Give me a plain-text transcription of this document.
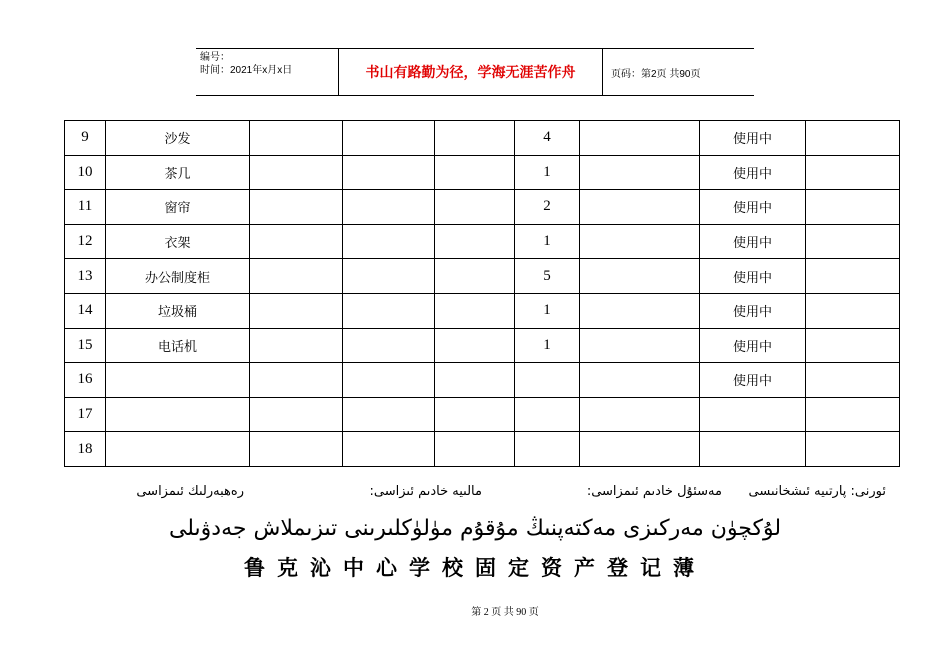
编号：
时间：2021年x月x日	书山有路勤为径，学海无涯苦作舟	页码：第2页 共90页
9	沙发				4		使用中	
10	茶几				1		使用中	
11	窗帘				2		使用中	
12	衣架				1		使用中	
13	办公制度柜				5		使用中	
14	垃圾桶				1		使用中	
15	电话机				1		使用中	
16							使用中	
17								
18								
ئورنى: پارتىيە ئىشخانىسى
مەسئۇل خادىم ئىمزاسى:
مالىيە خادىم ئىزاسى:
رەھبەرلىك ئىمزاسى
لۇكچۈن مەركىزى مەكتەپنىڭ مۇقۇم مۈلۈكلىرىنى تىزىملاش جەدۋىلى
鲁克沁中心学校固定资产登记薄
第 2 页 共 90 页
